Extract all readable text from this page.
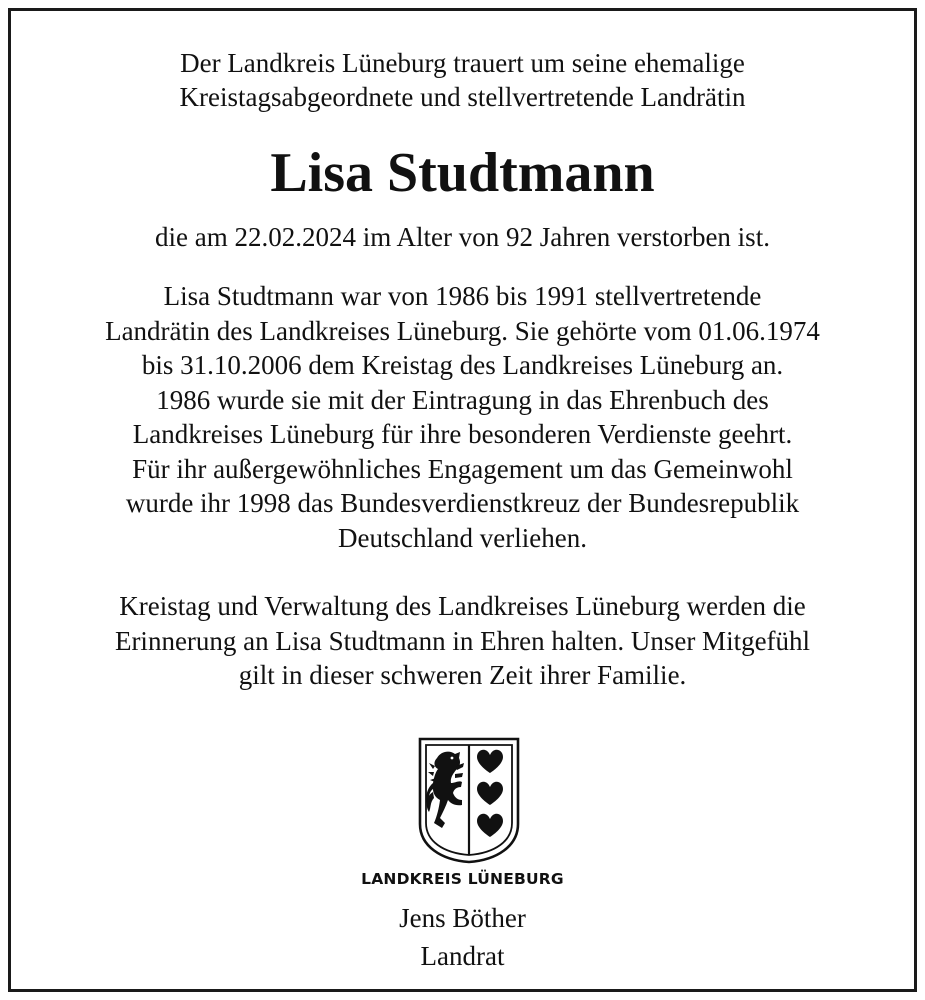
Der Landkreis Lüneburg trauert um seine ehemalige
Kreistagsabgeordnete und stellvertretende Landrätin
Lisa Studtmann
die am 22.02.2024 im Alter von 92 Jahren verstorben ist.
Lisa Studtmann war von 1986 bis 1991 stellvertretende
Landrätin des Landkreises Lüneburg. Sie gehörte vom 01.06.1974
bis 31.10.2006 dem Kreistag des Landkreises Lüneburg an.
1986 wurde sie mit der Eintragung in das Ehrenbuch des
Landkreises Lüneburg für ihre besonderen Verdienste geehrt.
Für ihr außergewöhnliches Engagement um das Gemeinwohl
wurde ihr 1998 das Bundesverdienstkreuz der Bundesrepublik
Deutschland verliehen.
Kreistag und Verwaltung des Landkreises Lüneburg werden die
Erinnerung an Lisa Studtmann in Ehren halten. Unser Mitgefühl
gilt in dieser schweren Zeit ihrer Familie.
LANDKREIS LÜNEBURG
Jens Böther
Landrat
